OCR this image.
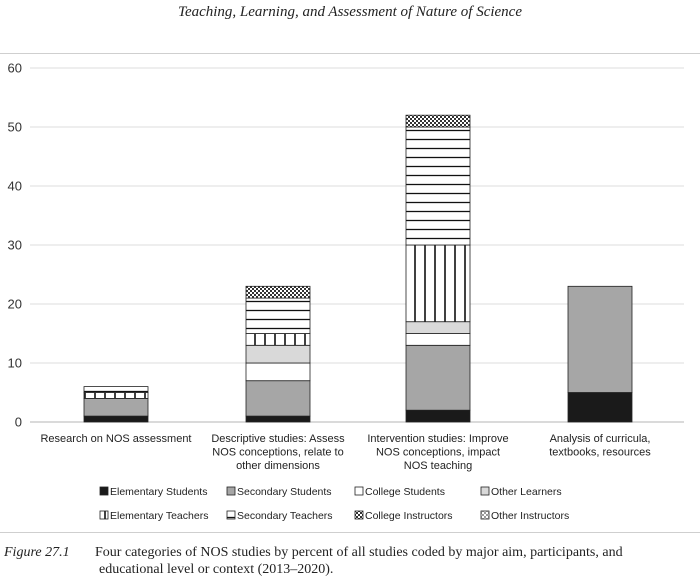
Teaching, Learning, and Assessment of Nature of Science
0
10
20
30
40
50
60
Research on NOS assessment Descriptive studies: Assess NOS conceptions, relate to other dimensions
Intervention studies: Improve NOS conceptions, impact NOS teaching
Analysis of curricula, textbooks, resources
Elementary Students	Secondary Students	College Students	Other Learners
Elementary Teachers	Secondary Teachers	College Instructors	Other Instructors
Figure 27.1 Four categories of NOS studies by percent of all studies coded by major aim, participants, and
educational level or context (2013–2020).
